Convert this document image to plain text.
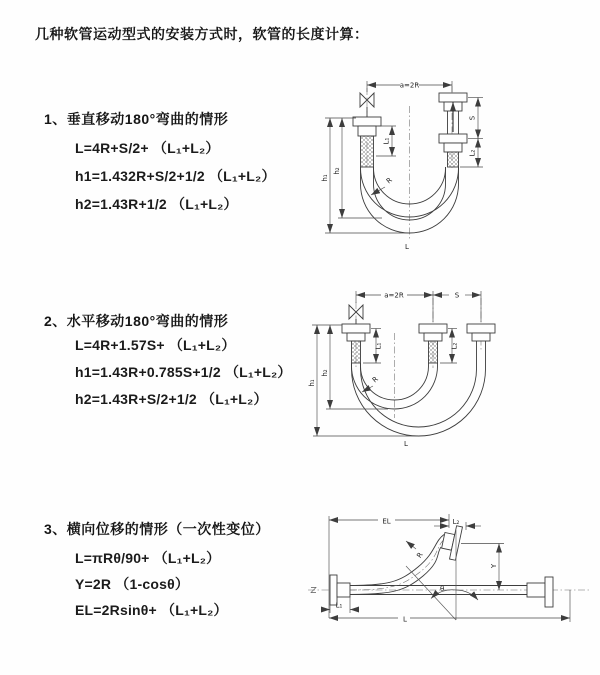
几种软管运动型式的安装方式时，软管的长度计算：
1、垂直移动180°弯曲的情形
L=4R+S/2+ （L₁+L₂）
h1=1.432R+S/2+1/2 （L₁+L₂）
h2=1.43R+1/2 （L₁+L₂）
2、水平移动180°弯曲的情形
L=4R+1.57S+ （L₁+L₂）
h1=1.43R+0.785S+1/2 （L₁+L₂）
h2=1.43R+S/2+1/2 （L₁+L₂）
3、横向位移的情形（一次性变位）
L=πRθ/90+ （L₁+L₂）
Y=2R （1-cosθ）
EL=2Rsinθ+ （L₁+L₂）
a=2R
S
L₂
h₁
h₂
L₁
R
L
a=2R	S
h₁
h₂
L₁	L₂
R
L
θ
EL	L₂
Y
R
L
L₁
